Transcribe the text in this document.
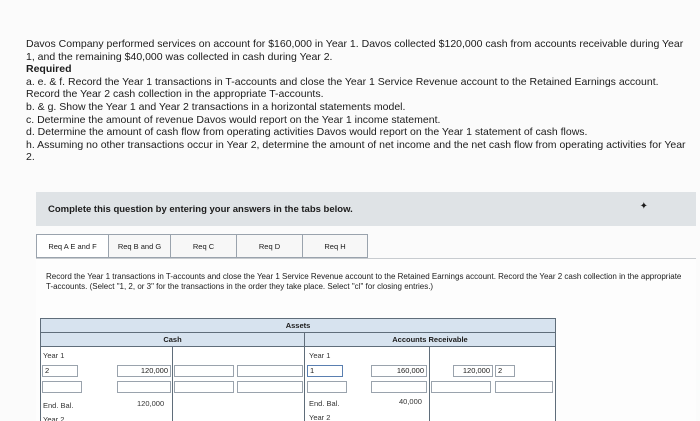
Davos Company performed services on account for $160,000 in Year 1. Davos collected $120,000 cash from accounts receivable during Year 1, and the remaining $40,000 was collected in cash during Year 2.

Required

a. e. & f. Record the Year 1 transactions in T-accounts and close the Year 1 Service Revenue account to the Retained Earnings account. Record the Year 2 cash collection in the appropriate T-accounts.

b. & g. Show the Year 1 and Year 2 transactions in a horizontal statements model.

c. Determine the amount of revenue Davos would report on the Year 1 income statement.

d. Determine the amount of cash flow from operating activities Davos would report on the Year 1 statement of cash flows.

h. Assuming no other transactions occur in Year 2, determine the amount of net income and the net cash flow from operating activities for Year 2.

Complete this question by entering your answers in the tabs below.	✦
Req A E and F	Req B and G	Req C	Req D	Req H

Record the Year 1 transactions in T-accounts and close the Year 1 Service Revenue account to the Retained Earnings account. Record the Year 2 cash collection in the appropriate T-accounts. (Select "1, 2, or 3" for the transactions in the order they take place. Select "cl" for closing entries.)

Assets
Cash	Accounts Receivable
Year 1
2	120,000
End. Bal.	120,000
Year 2
Year 1
1	160,000	120,000	2
End. Bal.	40,000
Year 2
